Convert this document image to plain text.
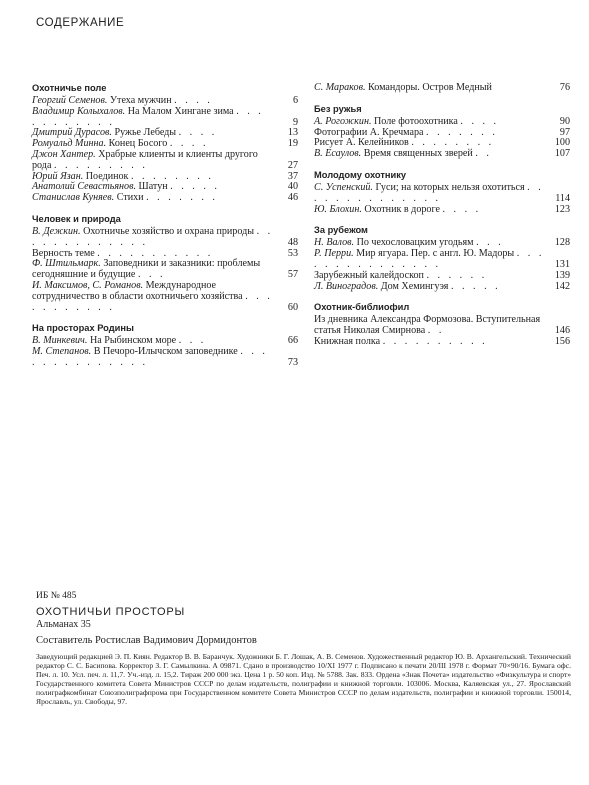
СОДЕРЖАНИЕ
Охотничье поле
Георгий Семенов. Утеха мужчин . . . .	6
Владимир Колыхалов. На Малом Хингане зима . . . . . . . . . . .	9
Дмитрий Дурасов. Ружье Лебеды . . . .	13
Ромуальд Минна. Конец Босого . . . .	19
Джон Хантер. Храбрые клиенты и клиенты другого рода . . . . . . . . .	27
Юрий Язан. Поединок . . . . . . . .	37
Анатолий Севастьянов. Шатун . . . . .	40
Станислав Куняев. Стихи . . . . . . .	46
Человек и природа
В. Дежкин. Охотничье хозяйство и охрана природы . . . . . . . . . . . . .	48
Верность теме . . . . . . . . . . .	53
Ф. Штильмарк. Заповедники и заказники: проблемы сегодняшние и будущие . . .	57
И. Максимов, С. Романов. Международное сотрудничество в области охотничьего хозяйства . . . . . . . . . . .	60
На просторах Родины
В. Минкевич. На Рыбинском море . . .	66
М. Степанов. В Печоро-Илычском заповеднике . . . . . . . . . . . . . .	73
С. Мараков. Командоры. Остров Медный	76
Без ружья
А. Рогожкин. Поле фотоохотника . . . .	90
Фотографии А. Кречмара . . . . . . .	97
Рисует А. Келейников . . . . . . . .	100
В. Есаулов. Время священных зверей . .	107
Молодому охотнику
С. Успенский. Гуси; на которых нельзя охотиться . . . . . . . . . . . . . .	114
Ю. Блохин. Охотник в дороге . . . .	123
За рубежом
Н. Валов. По чехословацким угодьям . . .	128
Р. Перри. Мир ягуара. Пер. с англ. Ю. Мадоры . . . . . . . . . . . . . . .	131
Зарубежный калейдоскоп . . . . . .	139
Л. Виноградов. Дом Хемингуэя . . . . .	142
Охотник-библиофил
Из дневника Александра Формозова. Вступительная статья Николая Смирнова . .	146
Книжная полка . . . . . . . . . .	156

ИБ № 485

ОХОТНИЧЬИ ПРОСТОРЫ

Альманах 35

Составитель Ростислав Вадимович Дормидонтов

Заведующий редакцией Э. П. Киян. Редактор В. В. Баранчук. Художники Б. Г. Лошак, А. В. Семенов. Художественный редактор Ю. В. Архангельский. Технический редактор С. С. Басипова. Корректор З. Г. Самылкина. А 09871. Сдано в производство 10/XI 1977 г. Подписано к печати 20/III 1978 г. Формат 70×90/16. Бумага офс. Печ. л. 10. Усл. печ. л. 11,7. Уч.-изд. л. 15,2. Тираж 200 000 экз. Цена 1 р. 50 коп. Изд. № 5788. Зак. 833. Ордена «Знак Почета» издательство «Физкультура и спорт» Государственного комитета Совета Министров СССР по делам издательств, полиграфии и книжной торговли. 103006. Москва, Каляевская ул., 27. Ярославский полиграфкомбинат Союзполиграфпрома при Государственном комитете Совета Министров СССР по делам издательств, полиграфии и книжной торговли. 150014, Ярославль, ул. Свободы, 97.
